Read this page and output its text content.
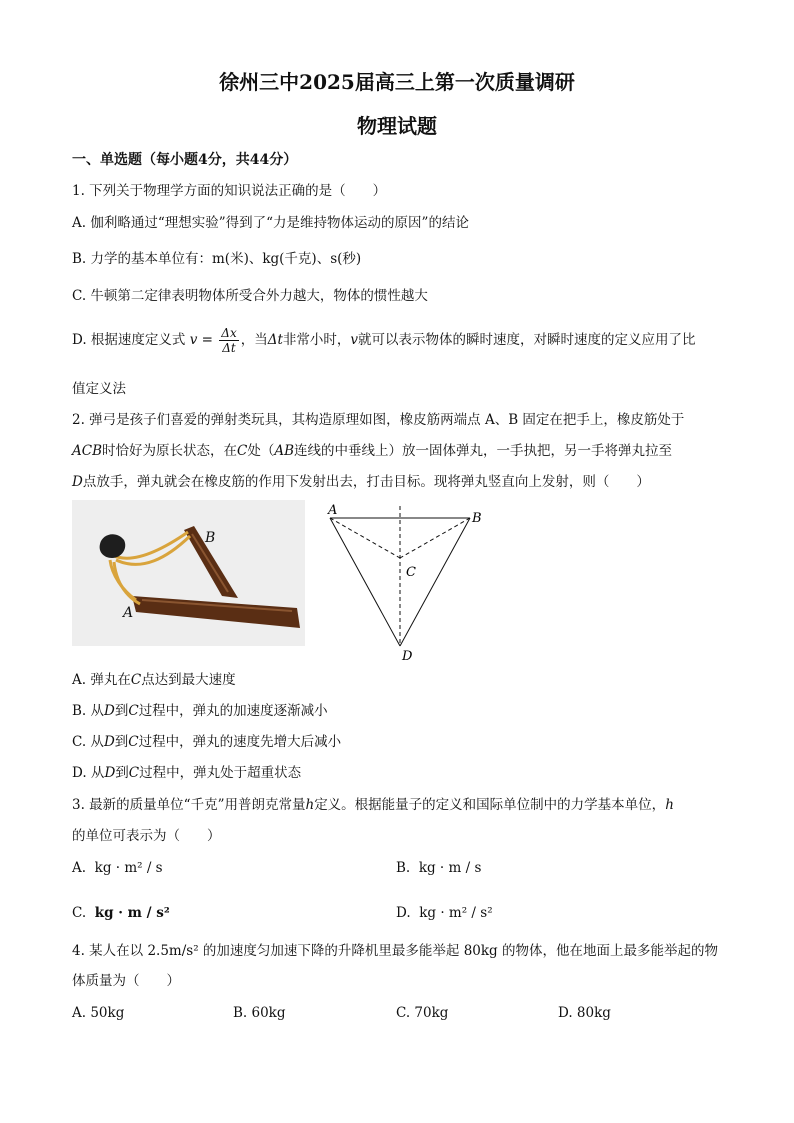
徐州三中2025届高三上第一次质量调研
物理试题
一、单选题（每小题4分，共44分）
1. 下列关于物理学方面的知识说法正确的是（　　）
A. 伽利略通过“理想实验”得到了“力是维持物体运动的原因”的结论
B. 力学的基本单位有：m(米)、kg(千克)、s(秒)
C. 牛顿第二定律表明物体所受合外力越大，物体的惯性越大
D. 根据速度定义式 $v = \frac{\Delta x}{\Delta t}$ ，当Δt非常小时，v就可以表示物体的瞬时速度，对瞬时速度的定义应用了比
值定义法
2. 弹弓是孩子们喜爱的弹射类玩具，其构造原理如图，橡皮筋两端点 A、B 固定在把手上，橡皮筋处于
ACB时恰好为原长状态，在C处（AB连线的中垂线上）放一固体弹丸，一手执把，另一手将弹丸拉至
D点放手，弹丸就会在橡皮筋的作用下发射出去，打击目标。现将弹丸竖直向上发射，则（　　）
B
A
A
B
C
D
A. 弹丸在C点达到最大速度
B. 从D到C过程中，弹丸的加速度逐渐减小
C. 从D到C过程中，弹丸的速度先增大后减小
D. 从D到C过程中，弹丸处于超重状态
3. 最新的质量单位“千克”用普朗克常量h定义。根据能量子的定义和国际单位制中的力学基本单位，h
的单位可表示为（　　）
A. kg · m² / s	B. kg · m / s
C. kg · m / s²	D. kg · m² / s²
4. 某人在以 2.5m/s² 的加速度匀加速下降的升降机里最多能举起 80kg 的物体，他在地面上最多能举起的物
体质量为（　　）
A. 50kg	B. 60kg	C. 70kg	D. 80kg
